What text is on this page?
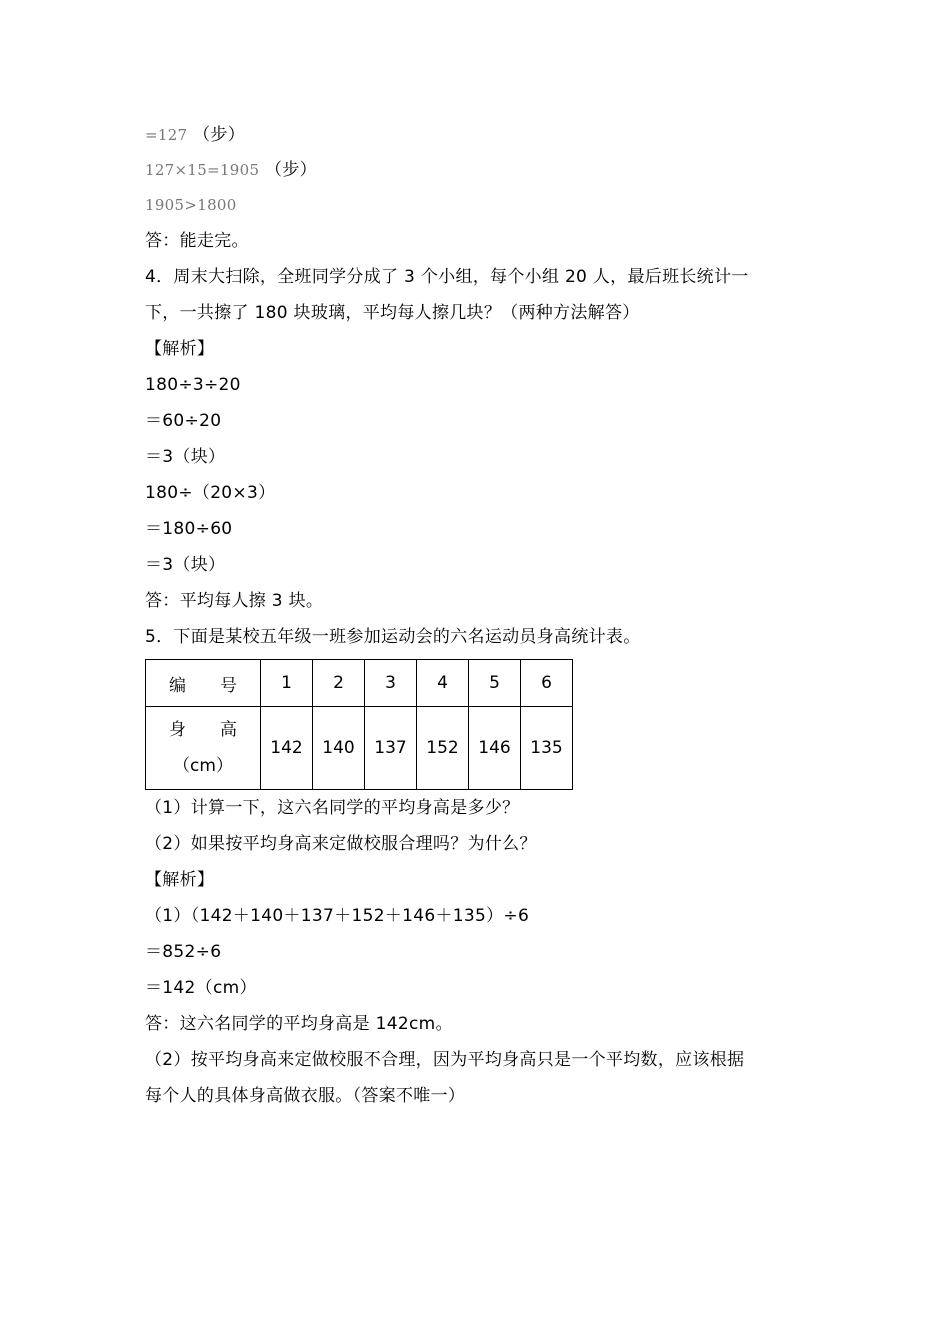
=127 （步）
127×15=1905 （步）
1905>1800
答：能走完。
4．周末大扫除，全班同学分成了 3 个小组，每个小组 20 人，最后班长统计一
下，一共擦了 180 块玻璃，平均每人擦几块？（两种方法解答）
【解析】
180÷3÷20
＝60÷20
＝3（块）
180÷（20×3）
＝180÷60
＝3（块）
答：平均每人擦 3 块。
5．下面是某校五年级一班参加运动会的六名运动员身高统计表。
编　　号	1	2	3	4	5	6

身　　高
（cm）	142	140	137	152	146	135
（1）计算一下，这六名同学的平均身高是多少？
（2）如果按平均身高来定做校服合理吗？为什么？
【解析】
（1）（142＋140＋137＋152＋146＋135）÷6
＝852÷6
＝142（cm）
答：这六名同学的平均身高是 142cm。
（2）按平均身高来定做校服不合理，因为平均身高只是一个平均数，应该根据
每个人的具体身高做衣服。（答案不唯一）
